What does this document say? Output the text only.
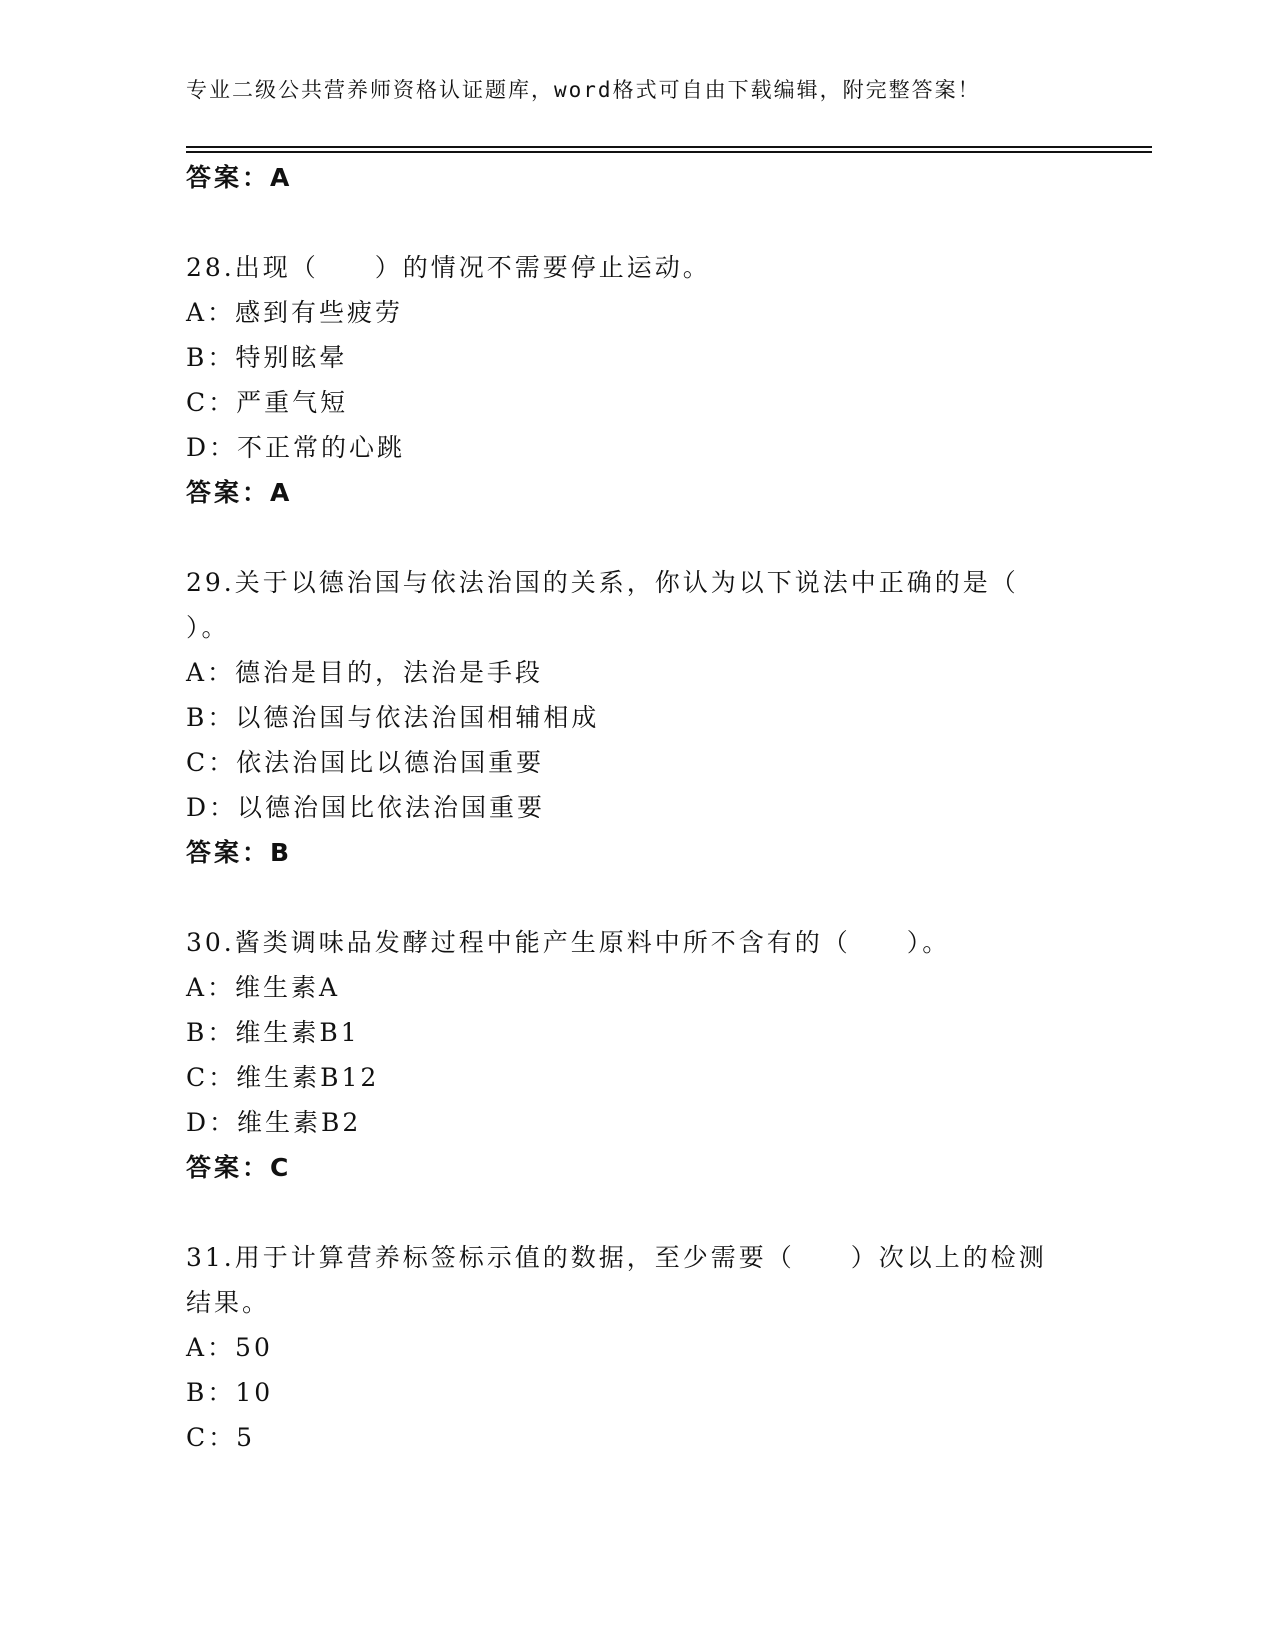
专业二级公共营养师资格认证题库，word格式可自由下载编辑，附完整答案！
答案：A
28.出现（　　）的情况不需要停止运动。
A：感到有些疲劳
B：特别眩晕
C：严重气短
D：不正常的心跳
答案：A
29.关于以德治国与依法治国的关系，你认为以下说法中正确的是（
）。
A：德治是目的，法治是手段
B：以德治国与依法治国相辅相成
C：依法治国比以德治国重要
D：以德治国比依法治国重要
答案：B
30.酱类调味品发酵过程中能产生原料中所不含有的（　　）。
A：维生素A
B：维生素B1
C：维生素B12
D：维生素B2
答案：C
31.用于计算营养标签标示值的数据，至少需要（　　）次以上的检测
结果。
A：50
B：10
C：5
